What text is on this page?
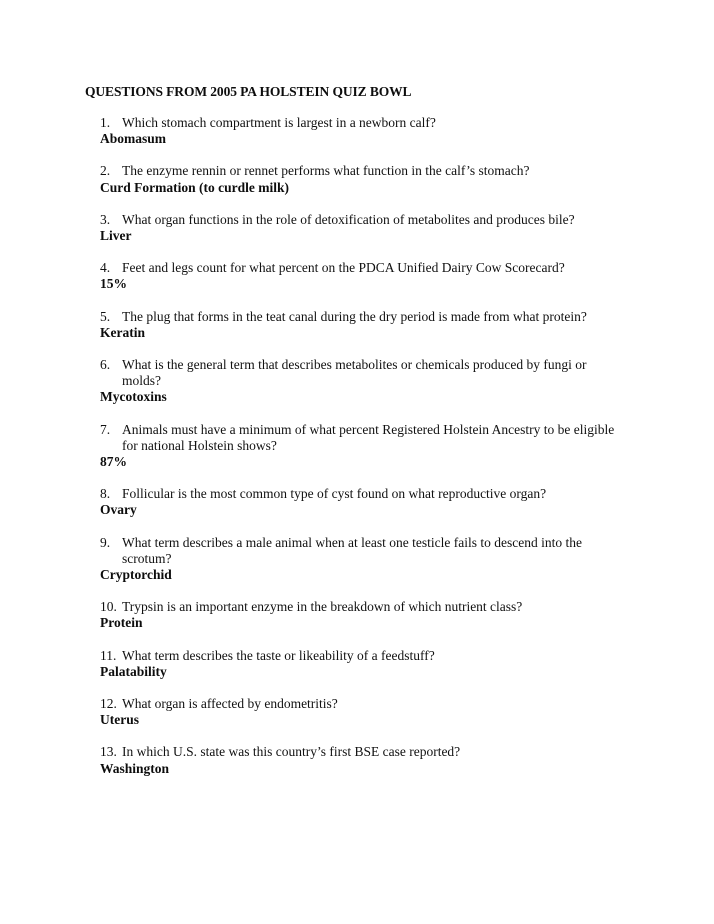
QUESTIONS FROM 2005 PA HOLSTEIN QUIZ BOWL
1. Which stomach compartment is largest in a newborn calf?
Abomasum
2. The enzyme rennin or rennet performs what function in the calf’s stomach?
Curd Formation (to curdle milk)
3. What organ functions in the role of detoxification of metabolites and produces bile?
Liver
4. Feet and legs count for what percent on the PDCA Unified Dairy Cow Scorecard?
15%
5. The plug that forms in the teat canal during the dry period is made from what protein?
Keratin
6. What is the general term that describes metabolites or chemicals produced by fungi or molds?
Mycotoxins
7. Animals must have a minimum of what percent Registered Holstein Ancestry to be eligible for national Holstein shows?
87%
8. Follicular is the most common type of cyst found on what reproductive organ?
Ovary
9. What term describes a male animal when at least one testicle fails to descend into the scrotum?
Cryptorchid
10. Trypsin is an important enzyme in the breakdown of which nutrient class?
Protein
11. What term describes the taste or likeability of a feedstuff?
Palatability
12. What organ is affected by endometritis?
Uterus
13. In which U.S. state was this country’s first BSE case reported?
Washington
